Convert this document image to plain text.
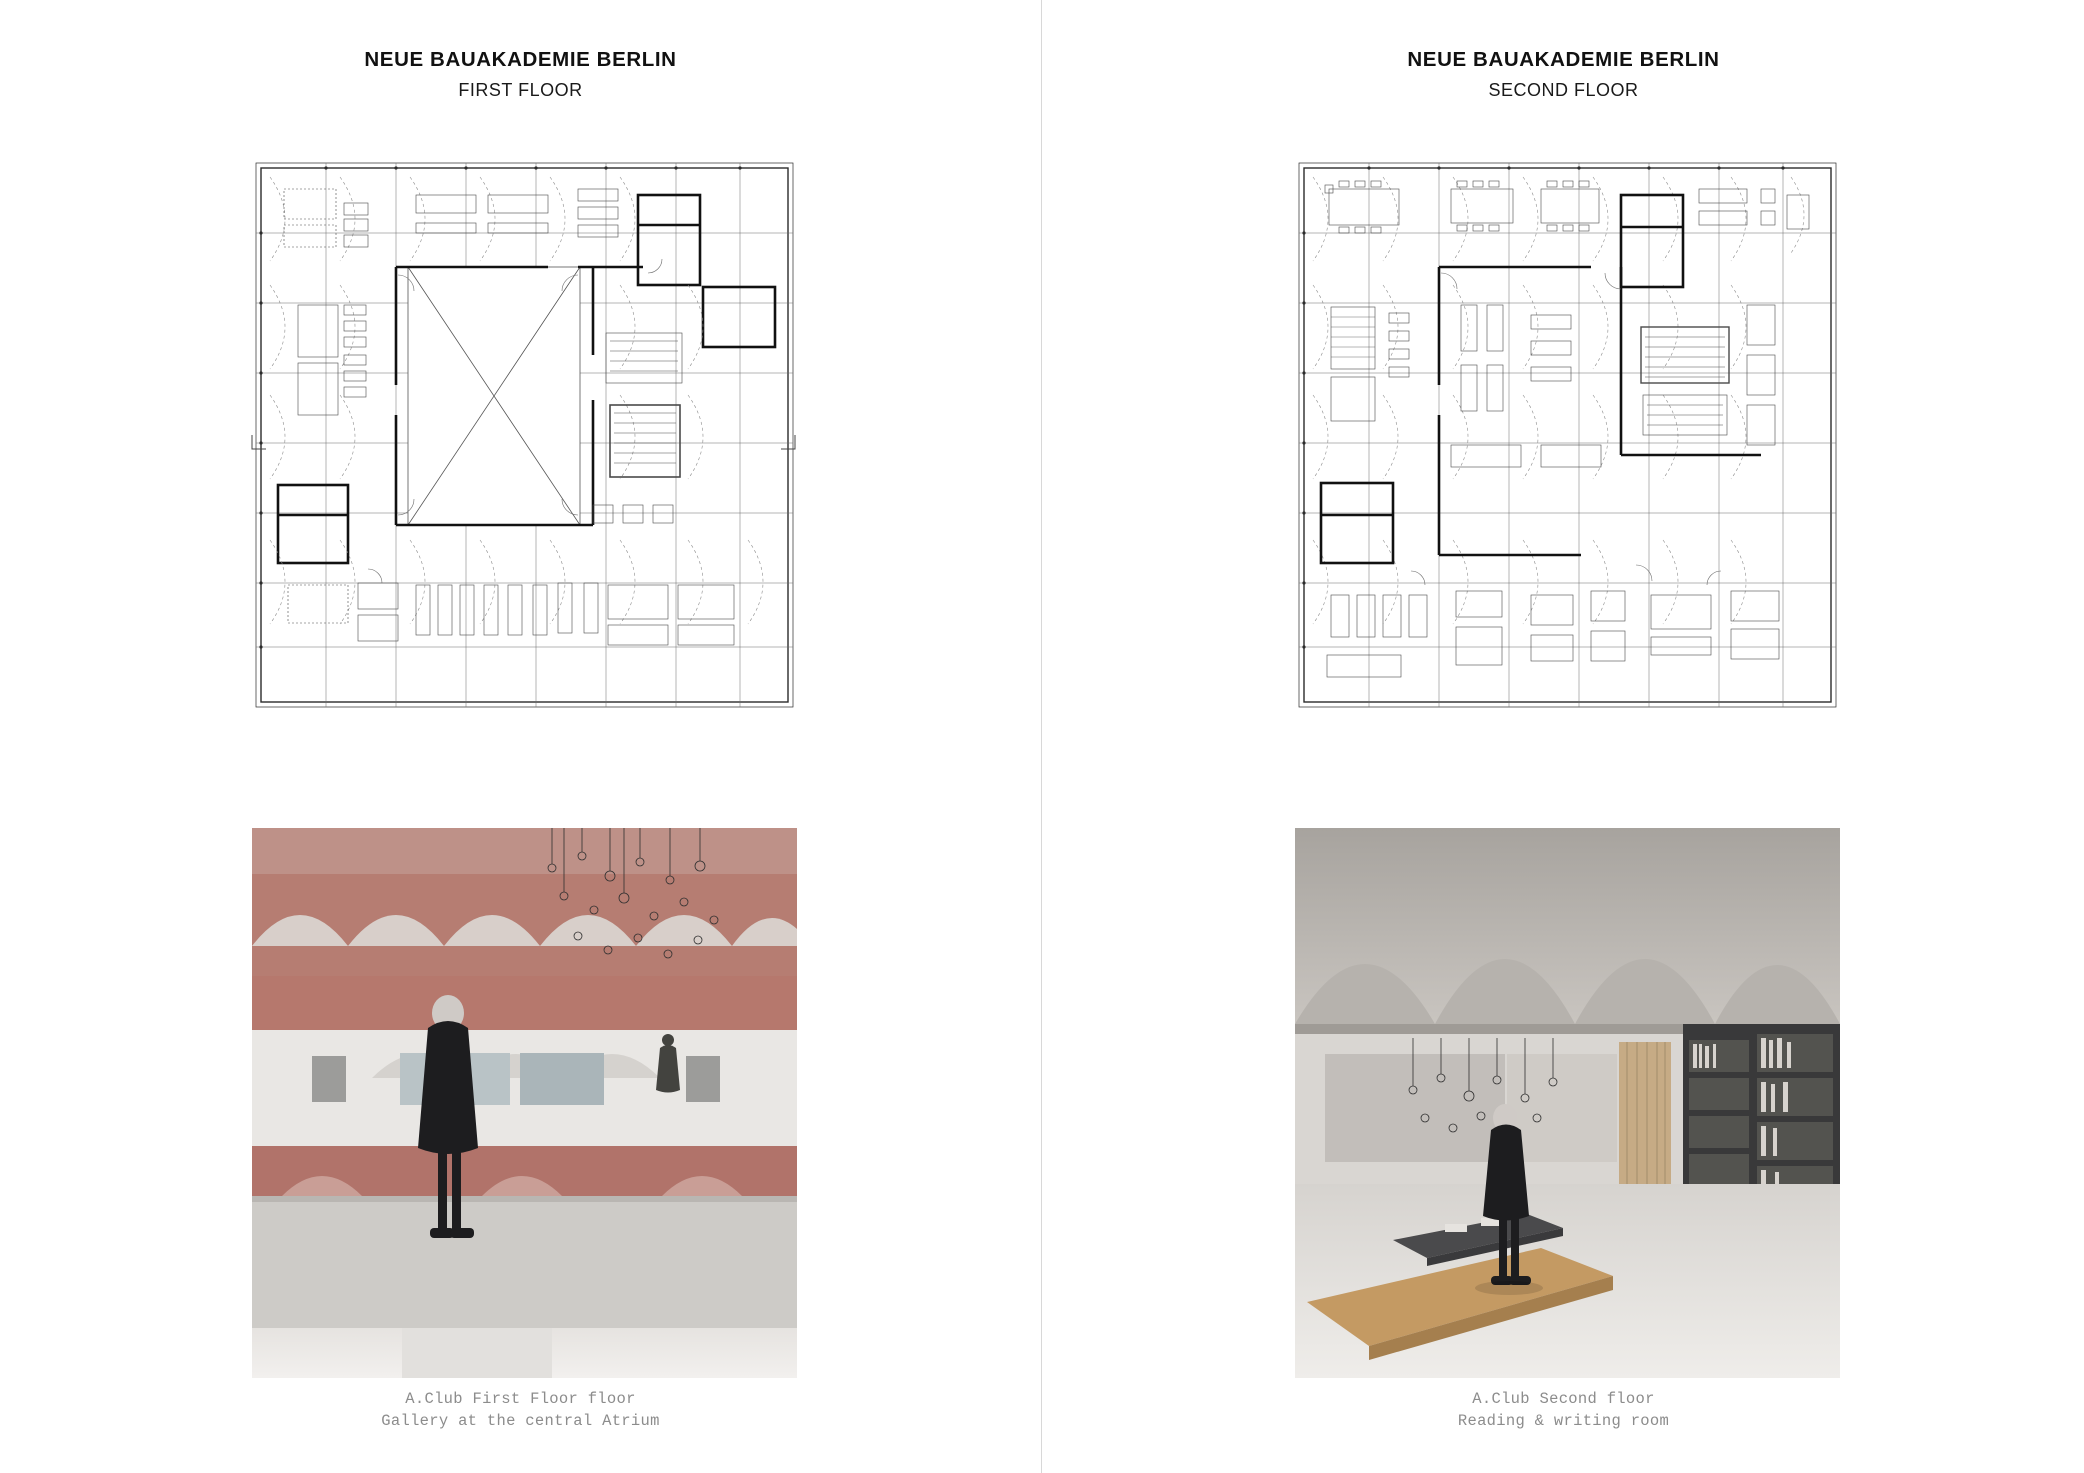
NEUE BAUAKADEMIE BERLIN
FIRST FLOOR
A.Club First Floor floor
Gallery at the central Atrium
NEUE BAUAKADEMIE BERLIN
SECOND FLOOR
A.Club Second floor
Reading & writing room
